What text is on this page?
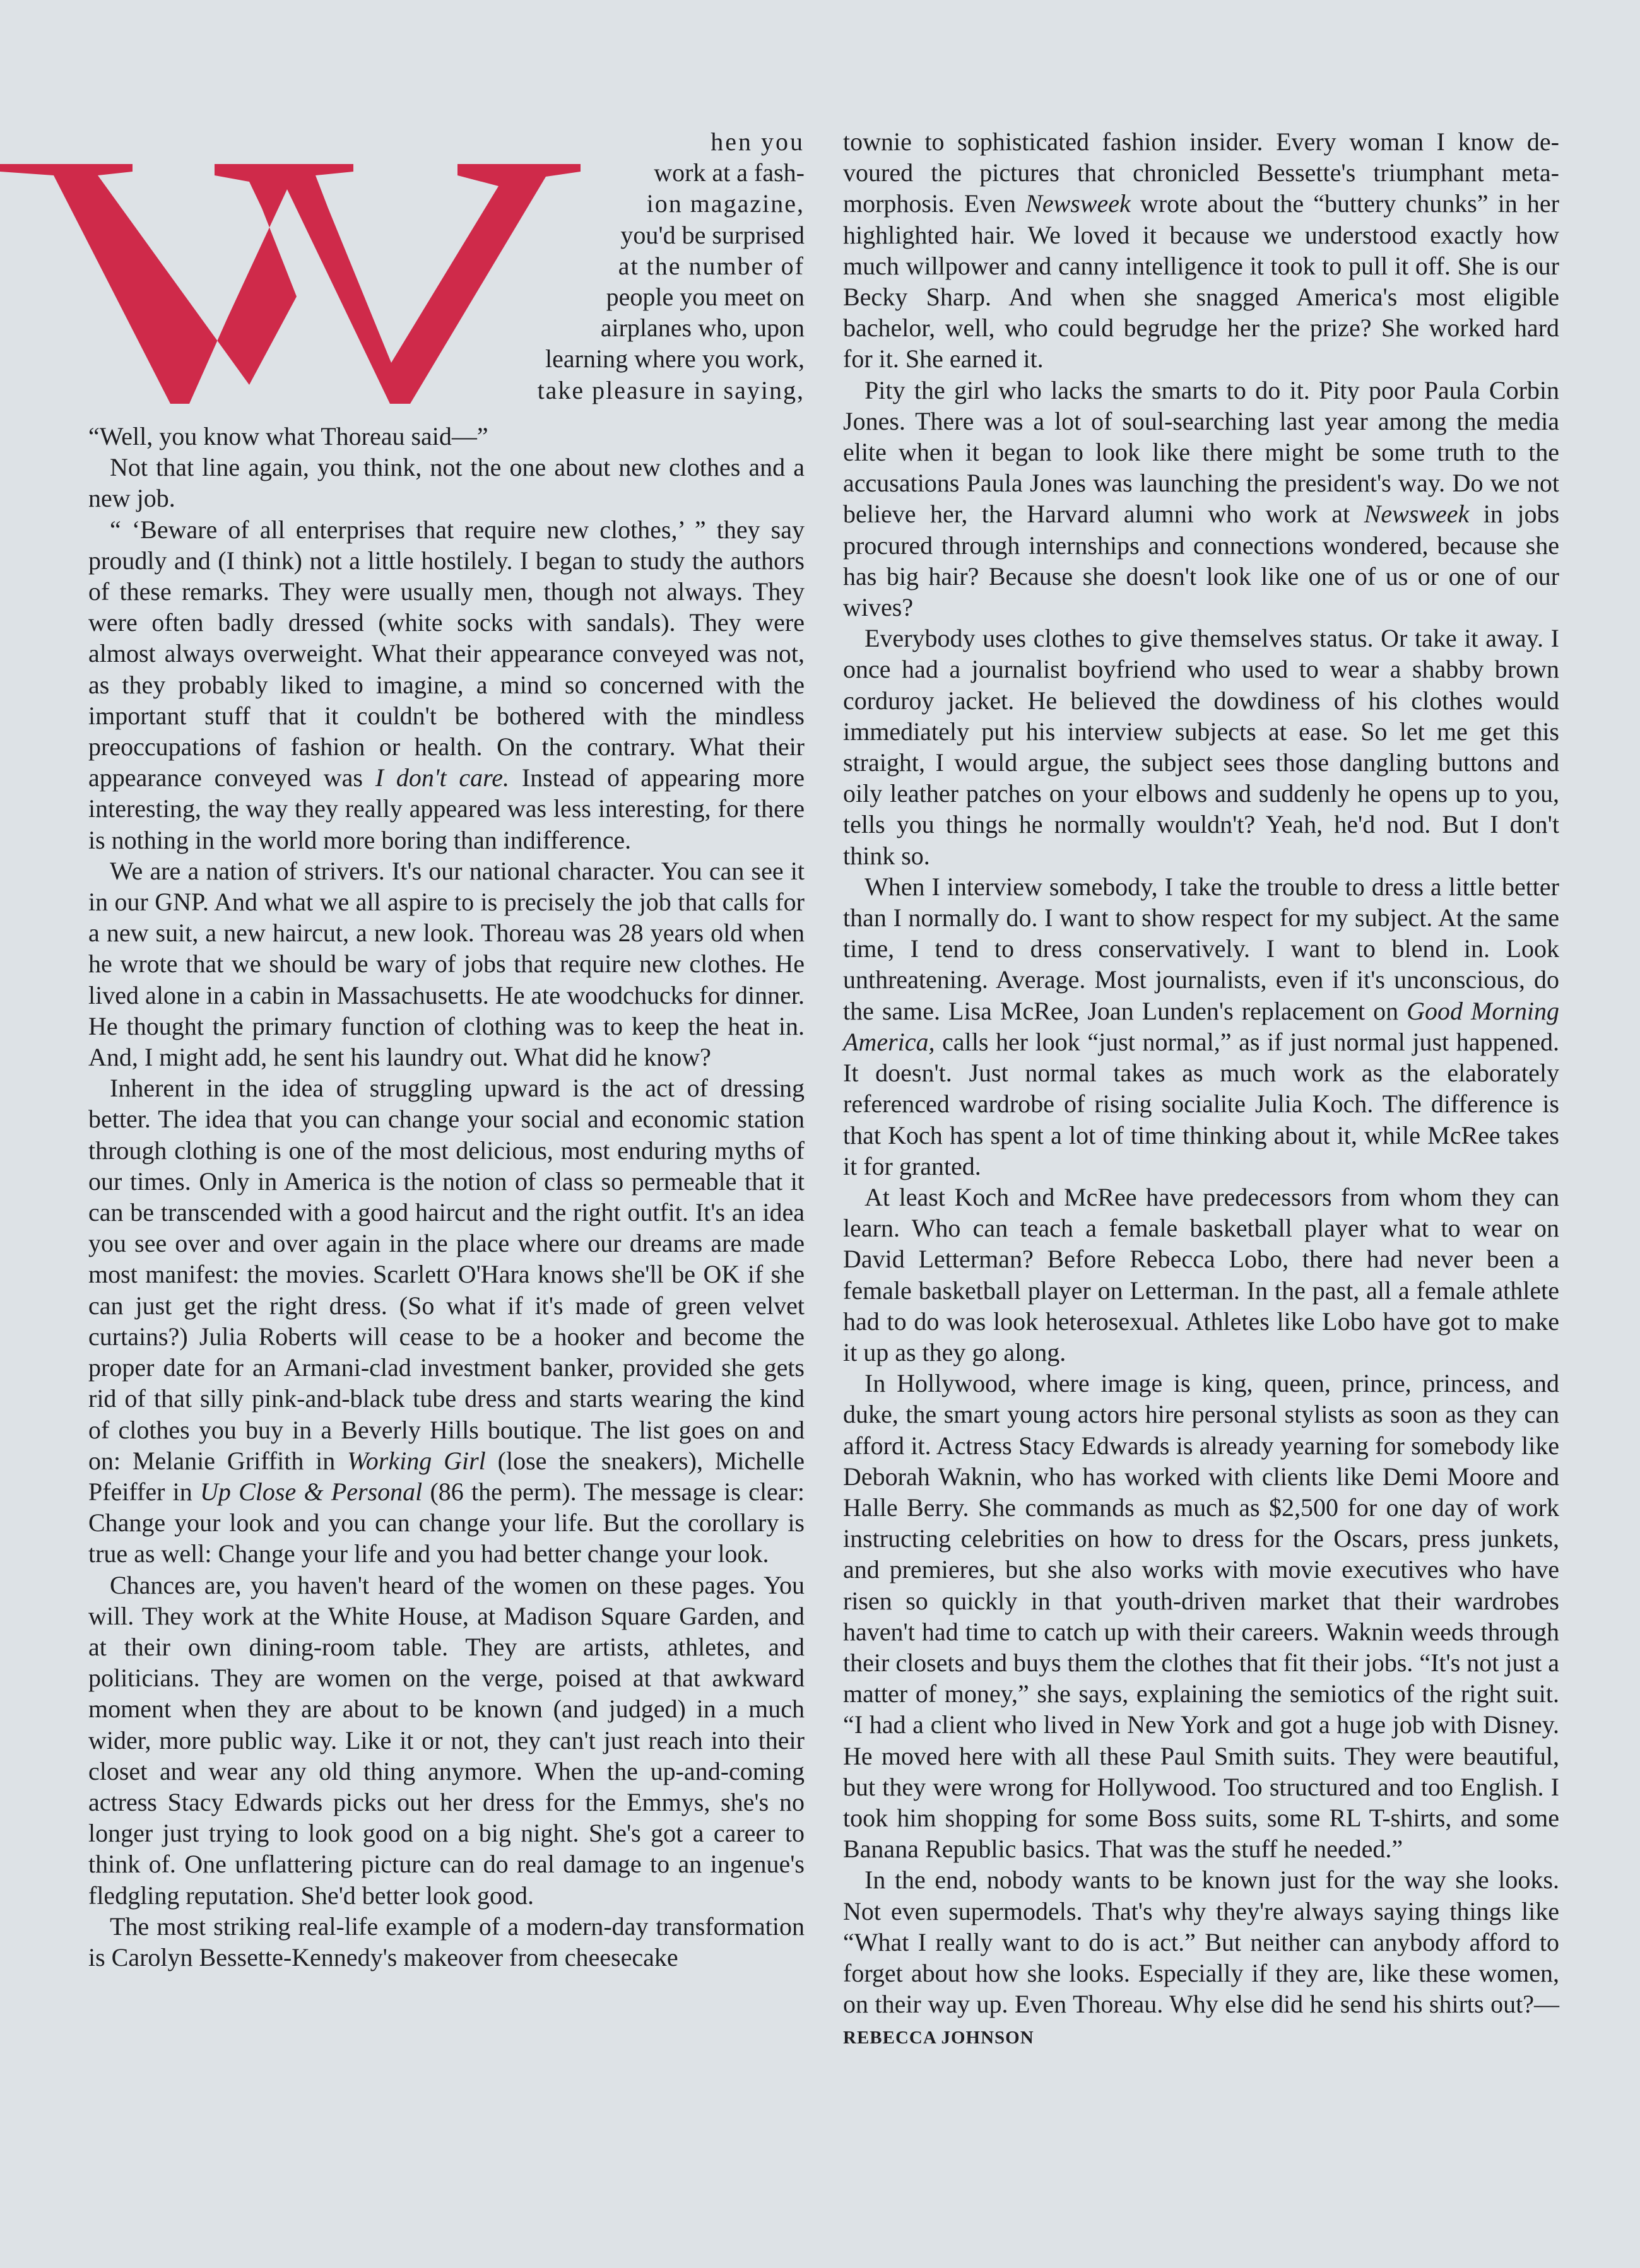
hen you
work at a fash-
ion magazine,
you'd be surprised
at the number of
people you meet on
airplanes who, upon
learning where you work,
take pleasure in saying,

“Well, you know what Thoreau said—”

Not that line again, you think, not the one about new clothes and a new job.

“ ‘Beware of all enterprises that require new clothes,’ ” they say proudly and (I think) not a little hostilely. I began to study the authors of these remarks. They were usually men, though not always. They were often badly dressed (white socks with sandals). They were almost always overweight. What their appearance conveyed was not, as they probably liked to imagine, a mind so concerned with the important stuff that it couldn't be bothered with the mindless preoccupations of fashion or health. On the contrary. What their appearance conveyed was I don't care. Instead of appearing more interesting, the way they really appeared was less interesting, for there is nothing in the world more boring than indifference.

We are a nation of strivers. It's our national character. You can see it in our GNP. And what we all aspire to is precisely the job that calls for a new suit, a new haircut, a new look. Thoreau was 28 years old when he wrote that we should be wary of jobs that require new clothes. He lived alone in a cabin in Massachusetts. He ate woodchucks for dinner. He thought the primary function of clothing was to keep the heat in. And, I might add, he sent his laundry out. What did he know?

Inherent in the idea of struggling upward is the act of dressing better. The idea that you can change your social and economic station through clothing is one of the most delicious, most enduring myths of our times. Only in America is the notion of class so permeable that it can be transcended with a good haircut and the right outfit. It's an idea you see over and over again in the place where our dreams are made most manifest: the movies. Scarlett O'Hara knows she'll be OK if she can just get the right dress. (So what if it's made of green velvet curtains?) Julia Roberts will cease to be a hooker and become the proper date for an Armani-clad investment banker, provided she gets rid of that silly pink-and-black tube dress and starts wearing the kind of clothes you buy in a Beverly Hills boutique. The list goes on and on: Melanie Griffith in Working Girl (lose the sneakers), Michelle Pfeiffer in Up Close & Personal (86 the perm). The message is clear: Change your look and you can change your life. But the corollary is true as well: Change your life and you had better change your look.

Chances are, you haven't heard of the women on these pages. You will. They work at the White House, at Madison Square Garden, and at their own dining-room table. They are artists, athletes, and politicians. They are women on the verge, poised at that awkward moment when they are about to be known (and judged) in a much wider, more public way. Like it or not, they can't just reach into their closet and wear any old thing anymore. When the up-and-coming actress Stacy Edwards picks out her dress for the Emmys, she's no longer just trying to look good on a big night. She's got a career to think of. One unflattering picture can do real damage to an ingenue's fledgling reputation. She'd better look good.

The most striking real-life example of a modern-day transformation is Carolyn Bessette-Kennedy's makeover from cheesecake

townie to sophisticated fashion insider. Every woman I know devoured the pictures that chronicled Bessette's triumphant metamorphosis. Even Newsweek wrote about the “buttery chunks” in her highlighted hair. We loved it because we understood exactly how much willpower and canny intelligence it took to pull it off. She is our Becky Sharp. And when she snagged America's most eligible bachelor, well, who could begrudge her the prize? She worked hard for it. She earned it.

Pity the girl who lacks the smarts to do it. Pity poor Paula Corbin Jones. There was a lot of soul-searching last year among the media elite when it began to look like there might be some truth to the accusations Paula Jones was launching the president's way. Do we not believe her, the Harvard alumni who work at Newsweek in jobs procured through internships and connections wondered, because she has big hair? Because she doesn't look like one of us or one of our wives?

Everybody uses clothes to give themselves status. Or take it away. I once had a journalist boyfriend who used to wear a shabby brown corduroy jacket. He believed the dowdiness of his clothes would immediately put his interview subjects at ease. So let me get this straight, I would argue, the subject sees those dangling buttons and oily leather patches on your elbows and suddenly he opens up to you, tells you things he normally wouldn't? Yeah, he'd nod. But I don't think so.

When I interview somebody, I take the trouble to dress a little better than I normally do. I want to show respect for my subject. At the same time, I tend to dress conservatively. I want to blend in. Look unthreatening. Average. Most journalists, even if it's unconscious, do the same. Lisa McRee, Joan Lunden's replacement on Good Morning America, calls her look “just normal,” as if just normal just happened. It doesn't. Just normal takes as much work as the elaborately referenced wardrobe of rising socialite Julia Koch. The difference is that Koch has spent a lot of time thinking about it, while McRee takes it for granted.

At least Koch and McRee have predecessors from whom they can learn. Who can teach a female basketball player what to wear on David Letterman? Before Rebecca Lobo, there had never been a female basketball player on Letterman. In the past, all a female athlete had to do was look heterosexual. Athletes like Lobo have got to make it up as they go along.

In Hollywood, where image is king, queen, prince, princess, and duke, the smart young actors hire personal stylists as soon as they can afford it. Actress Stacy Edwards is already yearning for somebody like Deborah Waknin, who has worked with clients like Demi Moore and Halle Berry. She commands as much as $2,500 for one day of work instructing celebrities on how to dress for the Oscars, press junkets, and premieres, but she also works with movie executives who have risen so quickly in that youth-driven market that their wardrobes haven't had time to catch up with their careers. Waknin weeds through their closets and buys them the clothes that fit their jobs. “It's not just a matter of money,” she says, explaining the semiotics of the right suit. “I had a client who lived in New York and got a huge job with Disney. He moved here with all these Paul Smith suits. They were beautiful, but they were wrong for Hollywood. Too structured and too English. I took him shopping for some Boss suits, some RL T-shirts, and some Banana Republic basics. That was the stuff he needed.”

In the end, nobody wants to be known just for the way she looks. Not even supermodels. That's why they're always saying things like “What I really want to do is act.” But neither can anybody afford to forget about how she looks. Especially if they are, like these women, on their way up. Even Thoreau. Why else did he send his shirts out?—REBECCA JOHNSON
